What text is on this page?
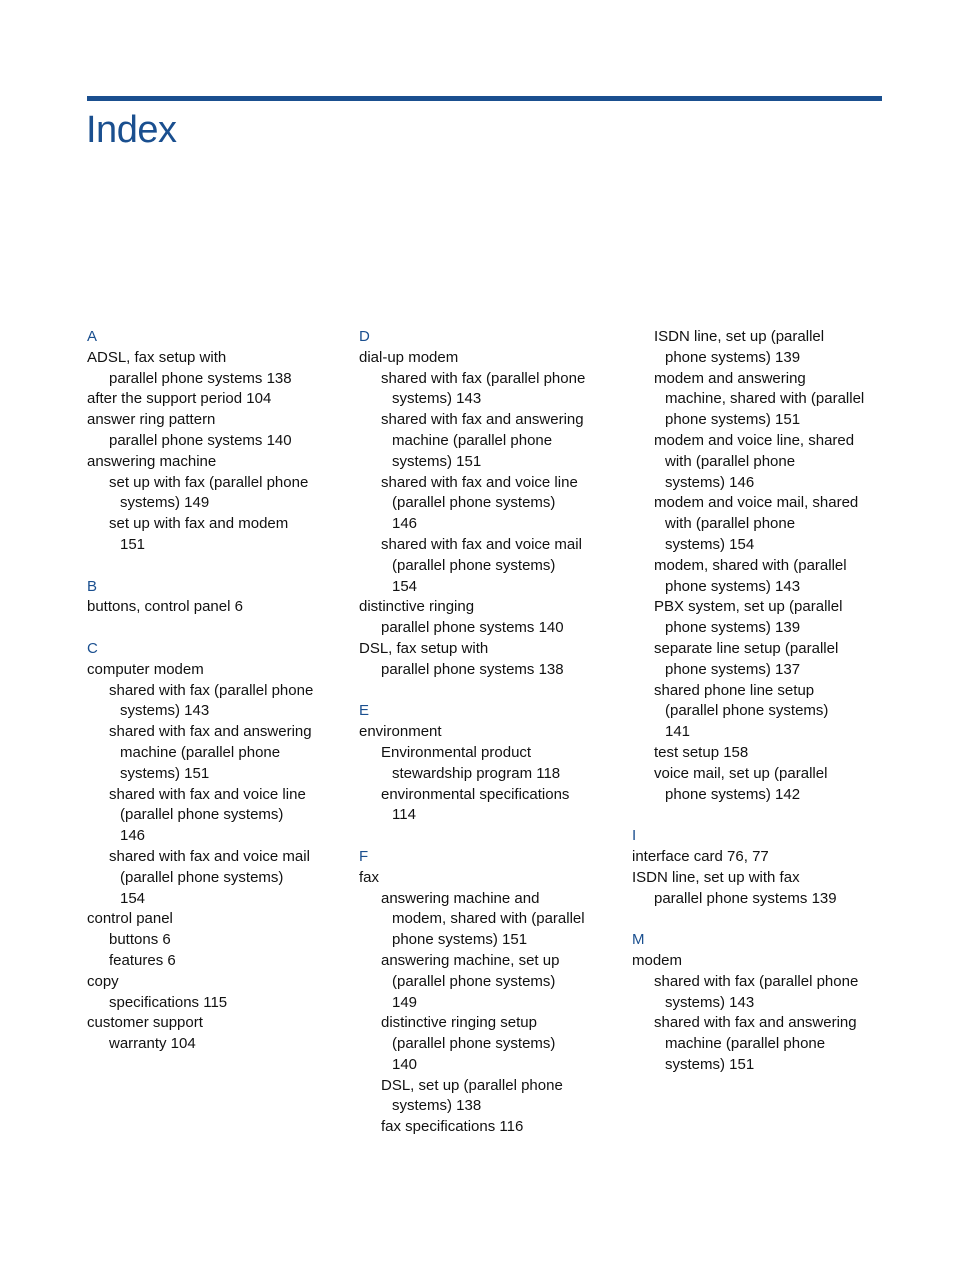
Index
A
ADSL, fax setup with
parallel phone systems 138
after the support period 104
answer ring pattern
parallel phone systems 140
answering machine
set up with fax (parallel phone
systems) 149
set up with fax and modem
151
B
buttons, control panel 6
C
computer modem
shared with fax (parallel phone
systems) 143
shared with fax and answering
machine (parallel phone
systems) 151
shared with fax and voice line
(parallel phone systems)
146
shared with fax and voice mail
(parallel phone systems)
154
control panel
buttons 6
features 6
copy
specifications 115
customer support
warranty 104
D
dial-up modem
shared with fax (parallel phone
systems) 143
shared with fax and answering
machine (parallel phone
systems) 151
shared with fax and voice line
(parallel phone systems)
146
shared with fax and voice mail
(parallel phone systems)
154
distinctive ringing
parallel phone systems 140
DSL, fax setup with
parallel phone systems 138
E
environment
Environmental product
stewardship program 118
environmental specifications
114
F
fax
answering machine and
modem, shared with (parallel
phone systems) 151
answering machine, set up
(parallel phone systems)
149
distinctive ringing setup
(parallel phone systems)
140
DSL, set up (parallel phone
systems) 138
fax specifications 116
ISDN line, set up (parallel
phone systems) 139
modem and answering
machine, shared with (parallel
phone systems) 151
modem and voice line, shared
with (parallel phone
systems) 146
modem and voice mail, shared
with (parallel phone
systems) 154
modem, shared with (parallel
phone systems) 143
PBX system, set up (parallel
phone systems) 139
separate line setup (parallel
phone systems) 137
shared phone line setup
(parallel phone systems)
141
test setup 158
voice mail, set up (parallel
phone systems) 142
I
interface card 76, 77
ISDN line, set up with fax
parallel phone systems 139
M
modem
shared with fax (parallel phone
systems) 143
shared with fax and answering
machine (parallel phone
systems) 151
